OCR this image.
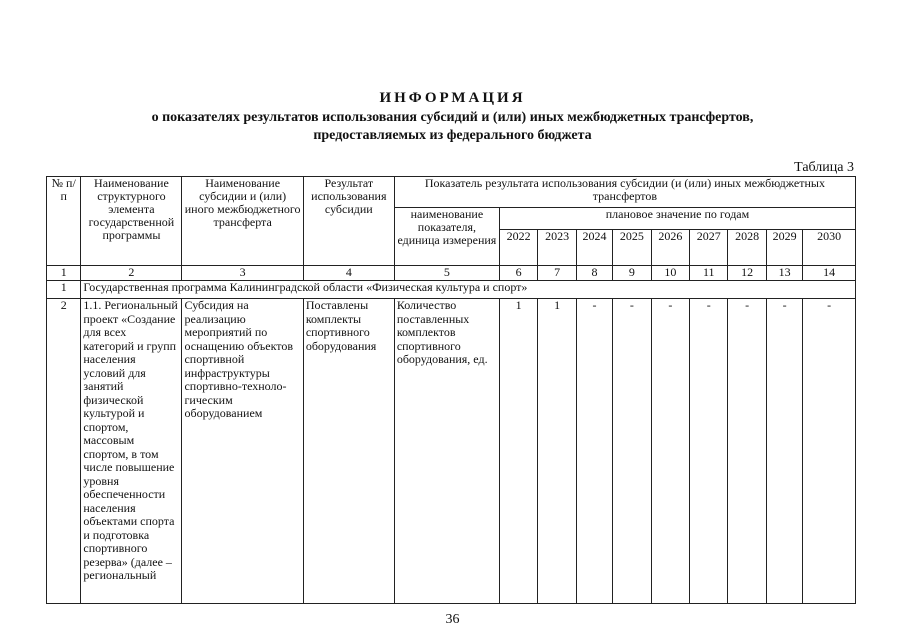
ИНФОРМАЦИЯ
о показателях результатов использования субсидий и (или) иных межбюджетных трансфертов,
предоставляемых из федерального бюджета
Таблица 3
№ п/п	Наименование структурного элемента государственной программы	Наименование субсидии и (или) иного межбюджетного трансферта	Результат использования субсидии	Показатель результата использования субсидии (и (или) иных межбюджетных трансфертов									
				наименование показателя, единица измерения	плановое значение по годам								
					2022	2023	2024	2025	2026	2027	2028	2029	2030
1	2	3	4	5	6	7	8	9	10	11	12	13	14
1	Государственная программа Калининградской области «Физическая культура и спорт»												
2	1.1. Региональный проект «Создание для всех категорий и групп населения условий для занятий физической культурой и спортом, массовым спортом, в том числе повышение уровня обеспеченности населения объектами спорта и подготовка спортивного резерва» (далее – региональный	Субсидия на реализацию мероприятий по оснащению объектов спортивной инфраструктуры спортивно-техноло-гическим оборудованием	Поставлены комплекты спортивного оборудования	Количество поставленных комплектов спортивного оборудования, ед.	1	1	-	-	-	-	-	-	-
36
